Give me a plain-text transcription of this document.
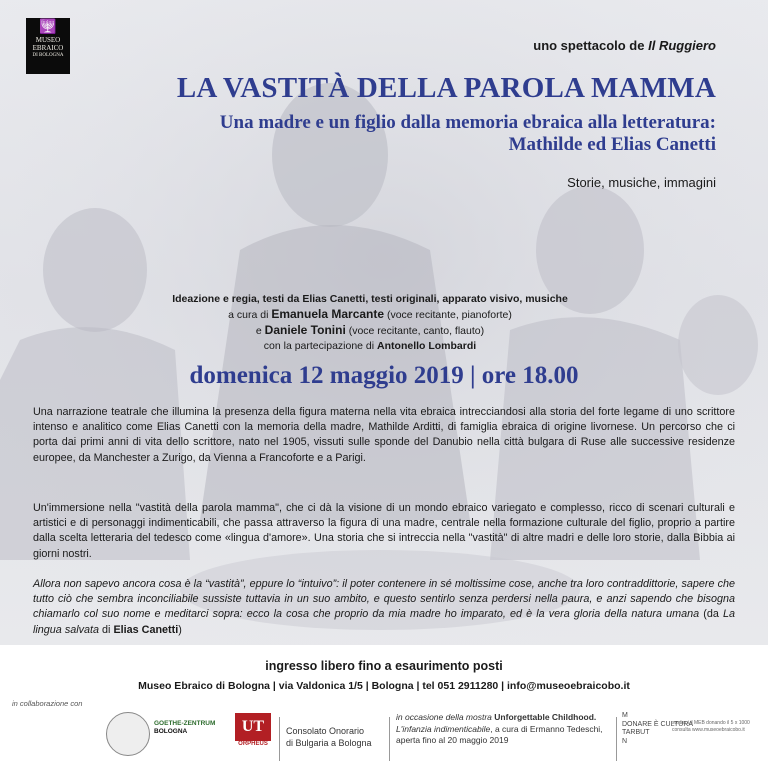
🕎
MUSEO
EBRAICO
DI BOLOGNA
uno spettacolo de Il Ruggiero
LA VASTITÀ DELLA PAROLA MAMMA
Una madre e un figlio dalla memoria ebraica alla letteratura:
Mathilde ed Elias Canetti
Storie, musiche, immagini
Ideazione e regia, testi da Elias Canetti, testi originali, apparato visivo, musiche
a cura di Emanuela Marcante (voce recitante, pianoforte)
e Daniele Tonini (voce recitante, canto, flauto)
con la partecipazione di Antonello Lombardi
domenica 12 maggio 2019 | ore 18.00
Una narrazione teatrale che illumina la presenza della figura materna nella vita ebraica intrecciandosi alla storia del forte legame di uno scrittore intenso e analitico come Elias Canetti con la memoria della madre, Mathilde Arditti, di famiglia ebraica di origine livornese. Un percorso che ci porta dai primi anni di vita dello scrittore, nato nel 1905, vissuti sulle sponde del Danubio nella città bulgara di Ruse alle successive residenze europee, da Manchester a Zurigo, da Vienna a Francoforte e a Parigi.
Un'immersione nella "vastità della parola mamma", che ci dà la visione di un mondo ebraico variegato e complesso, ricco di scenari culturali e artistici e di personaggi indimenticabili, che passa attraverso la figura di una madre, centrale nella formazione culturale del figlio, proprio a partire dalla scelta letteraria del tedesco come «lingua d'amore». Una storia che si intreccia nella "vastità" di altre madri e delle loro storie, dalla Bibbia ai giorni nostri.
Allora non sapevo ancora cosa è la “vastità”, eppure lo “intuivo”: il poter contenere in sé moltissime cose, anche tra loro contraddittorie, sapere che tutto ciò che sembra inconciliabile sussiste tuttavia in un suo ambito, e questo sentirlo senza perdersi nella paura, e anzi sapendo che bisogna chiamarlo col suo nome e meditarci sopra: ecco la cosa che proprio da mia madre ho imparato, ed è la vera gloria della natura umana (da La lingua salvata di Elias Canetti)
ingresso libero fino a esaurimento posti
Museo Ebraico di Bologna | via Valdonica 1/5 | Bologna | tel 051 2911280 | info@museoebraicobo.it
in collaborazione con
GOETHE-ZENTRUM
BOLOGNA	UT
ORPHEUS
Consolato Onorario
di Bulgaria a Bologna
in occasione della mostra Unforgettable Childhood. L'infanzia indimenticabile, a cura di Ermanno Tedeschi, aperta fino al 20 maggio 2019
M
DONARE È CULTURA
TARBUT
N
sostieni il MEB donando il 5 x 1000
consulta www.museoebraicobo.it
